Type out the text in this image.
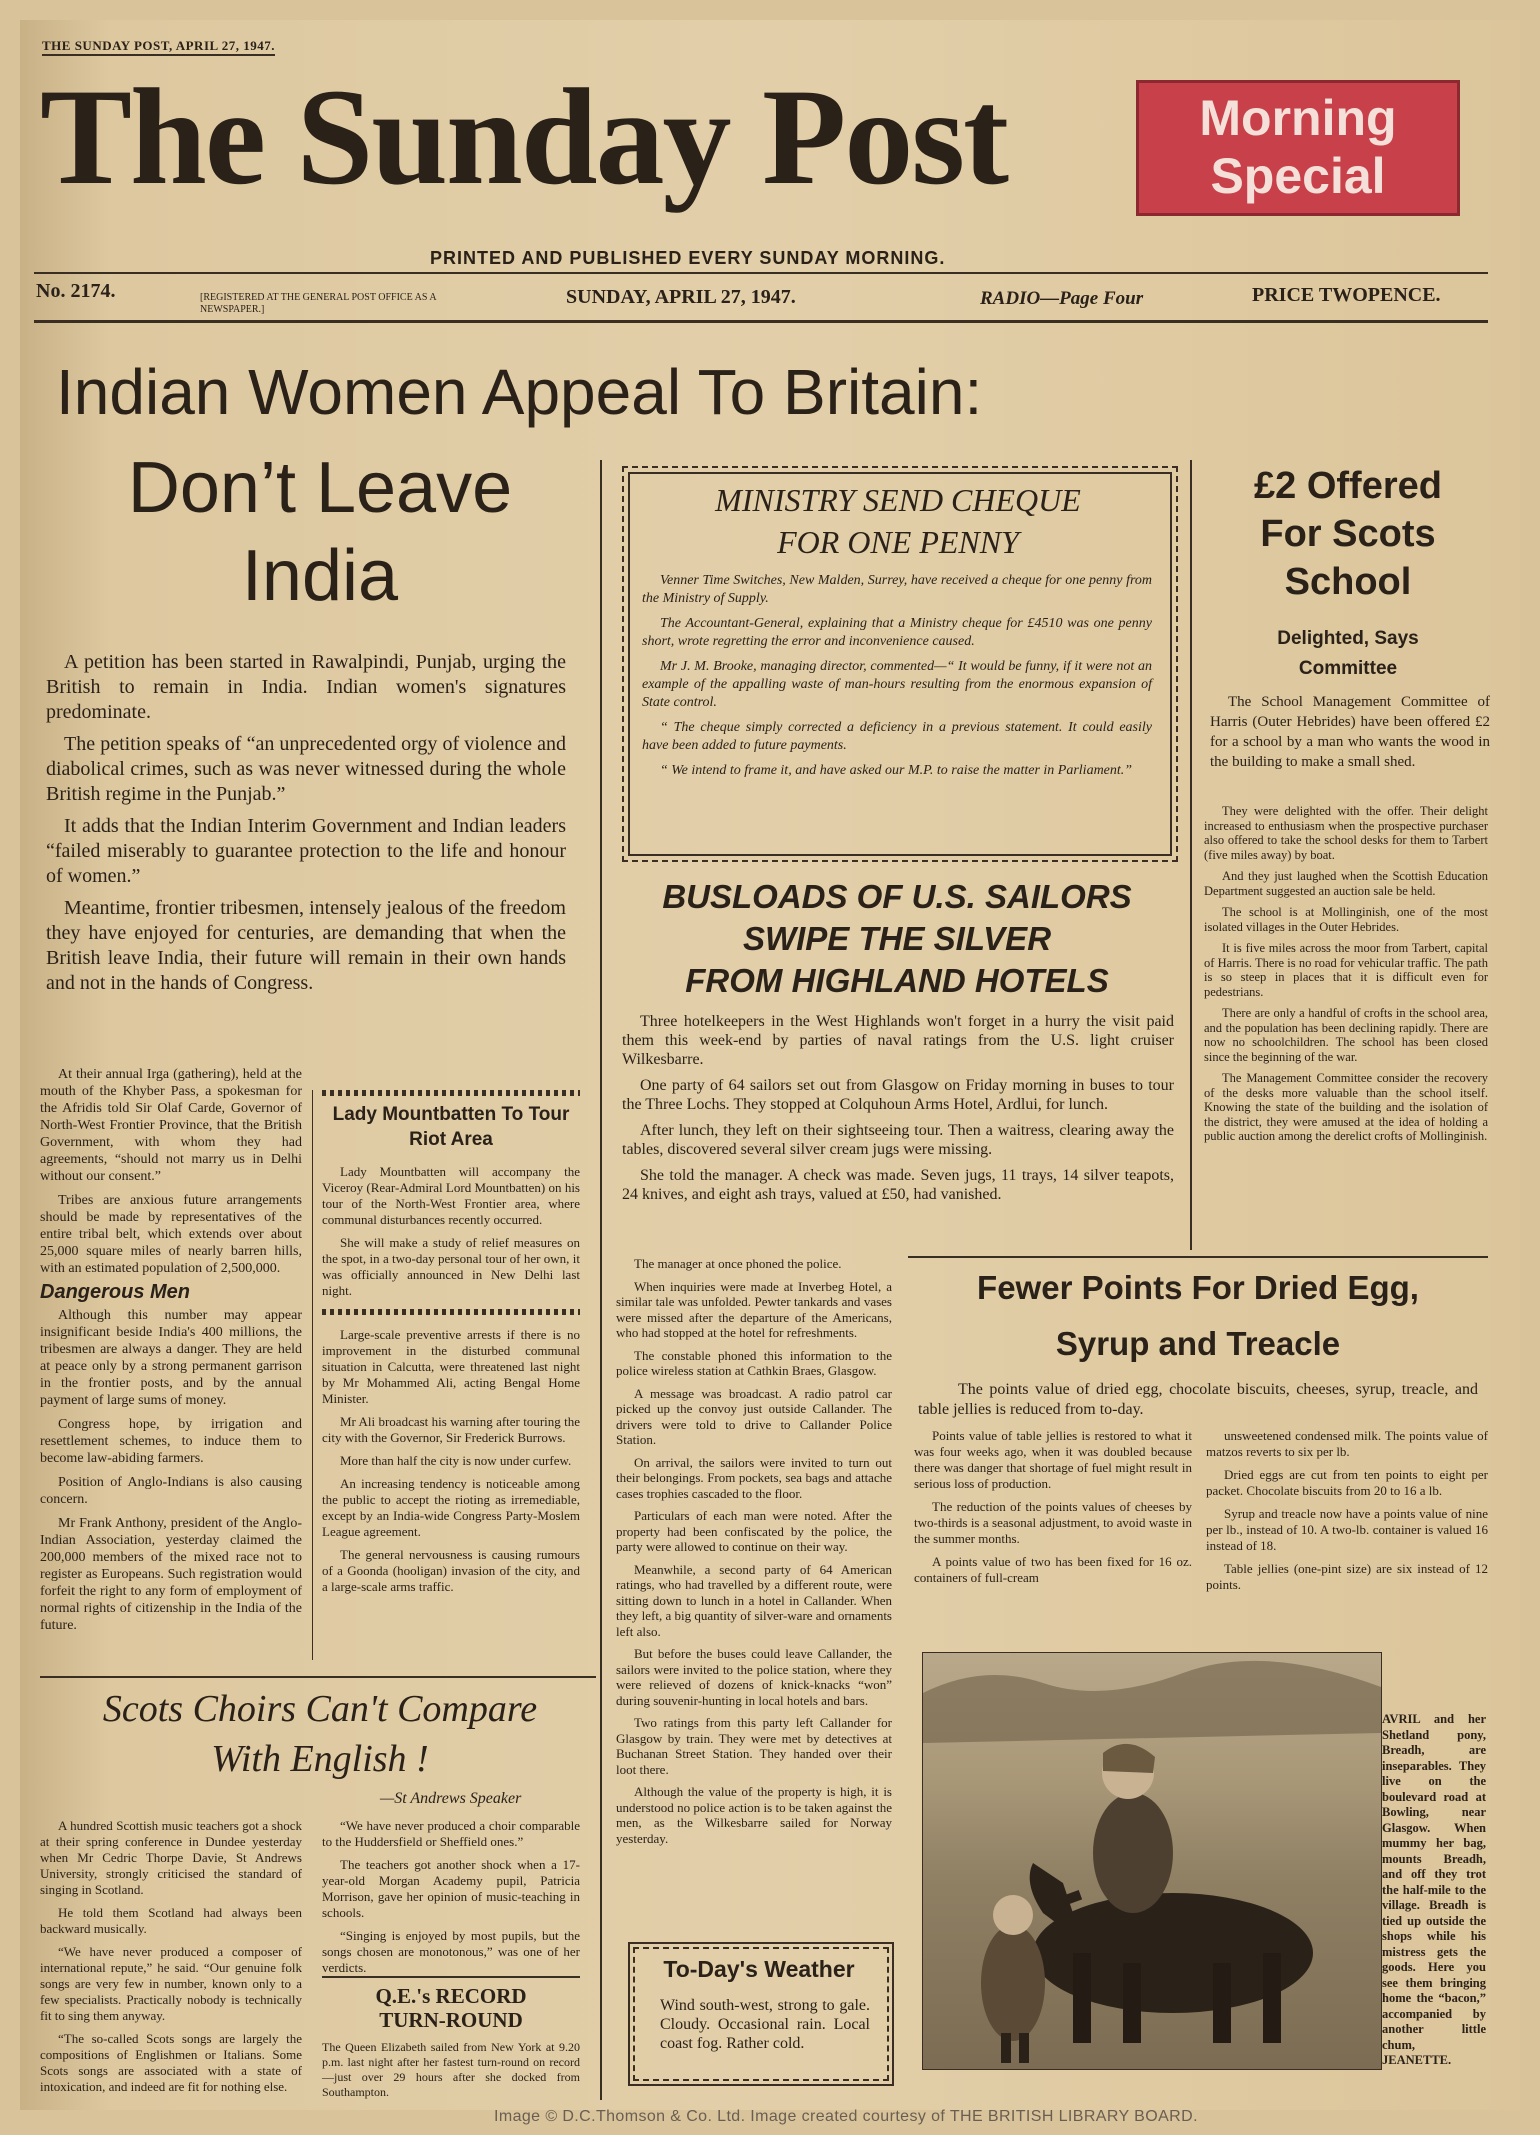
THE SUNDAY POST, APRIL 27, 1947.
The Sunday Post	Morning
Special
PRINTED AND PUBLISHED EVERY SUNDAY MORNING.
No. 2174.	[REGISTERED AT THE GENERAL POST OFFICE AS A NEWSPAPER.]
SUNDAY, APRIL 27, 1947.	RADIO—Page Four	PRICE TWOPENCE.
Indian Women Appeal To Britain:
Don’t Leave
India

A petition has been started in Rawalpindi, Punjab, urging the British to remain in India. Indian women's signatures predominate.

The petition speaks of “an unprecedented orgy of violence and diabolical crimes, such as was never witnessed during the whole British regime in the Punjab.”

It adds that the Indian Interim Government and Indian leaders “failed miserably to guarantee protection to the life and honour of women.”

Meantime, frontier tribesmen, intensely jealous of the freedom they have enjoyed for centuries, are demanding that when the British leave India, their future will remain in their own hands and not in the hands of Congress.

At their annual Irga (gathering), held at the mouth of the Khyber Pass, a spokesman for the Afridis told Sir Olaf Carde, Governor of North-West Frontier Province, that the British Government, with whom they had agreements, “should not marry us in Delhi without our consent.”

Tribes are anxious future arrangements should be made by representatives of the entire tribal belt, which extends over about 25,000 square miles of nearly barren hills, with an estimated population of 2,500,000.

Dangerous Men

Although this number may appear insignificant beside India's 400 millions, the tribesmen are always a danger. They are held at peace only by a strong permanent garrison in the frontier posts, and by the annual payment of large sums of money.

Congress hope, by irrigation and resettlement schemes, to induce them to become law-abiding farmers.

Position of Anglo-Indians is also causing concern.

Mr Frank Anthony, president of the Anglo-Indian Association, yesterday claimed the 200,000 members of the mixed race not to register as Europeans. Such registration would forfeit the right to any form of employment of normal rights of citizenship in the India of the future.

Lady Mountbatten To Tour Riot Area

Lady Mountbatten will accompany the Viceroy (Rear-Admiral Lord Mountbatten) on his tour of the North-West Frontier area, where communal disturbances recently occurred.

She will make a study of relief measures on the spot, in a two-day personal tour of her own, it was officially announced in New Delhi last night.

Large-scale preventive arrests if there is no improvement in the disturbed communal situation in Calcutta, were threatened last night by Mr Mohammed Ali, acting Bengal Home Minister.

Mr Ali broadcast his warning after touring the city with the Governor, Sir Frederick Burrows.

More than half the city is now under curfew.

An increasing tendency is noticeable among the public to accept the rioting as irremediable, except by an India-wide Congress Party-Moslem League agreement.

The general nervousness is causing rumours of a Goonda (hooligan) invasion of the city, and a large-scale arms traffic.

Scots Choirs Can't Compare
With English !
—St Andrews Speaker

A hundred Scottish music teachers got a shock at their spring conference in Dundee yesterday when Mr Cedric Thorpe Davie, St Andrews University, strongly criticised the standard of singing in Scotland.

He told them Scotland had always been backward musically.

“We have never produced a composer of international repute,” he said. “Our genuine folk songs are very few in number, known only to a few specialists. Practically nobody is technically fit to sing them anyway.

“The so-called Scots songs are largely the compositions of Englishmen or Italians. Some Scots songs are associated with a state of intoxication, and indeed are fit for nothing else.

“We have never produced a choir comparable to the Huddersfield or Sheffield ones.”

The teachers got another shock when a 17-year-old Morgan Academy pupil, Patricia Morrison, gave her opinion of music-teaching in schools.

“Singing is enjoyed by most pupils, but the songs chosen are monotonous,” was one of her verdicts.

Q.E.'s RECORD
TURN-ROUND
The Queen Elizabeth sailed from New York at 9.20 p.m. last night after her fastest turn-round on record—just over 29 hours after she docked from Southampton.
MINISTRY SEND CHEQUE
FOR ONE PENNY

Venner Time Switches, New Malden, Surrey, have received a cheque for one penny from the Ministry of Supply.

The Accountant-General, explaining that a Ministry cheque for £4510 was one penny short, wrote regretting the error and inconvenience caused.

Mr J. M. Brooke, managing director, commented—“ It would be funny, if it were not an example of the appalling waste of man-hours resulting from the enormous expansion of State control.

“ The cheque simply corrected a deficiency in a previous statement. It could easily have been added to future payments.

“ We intend to frame it, and have asked our M.P. to raise the matter in Parliament.”

BUSLOADS OF U.S. SAILORS
SWIPE THE SILVER
FROM HIGHLAND HOTELS

Three hotelkeepers in the West Highlands won't forget in a hurry the visit paid them this week-end by parties of naval ratings from the U.S. light cruiser Wilkesbarre.

One party of 64 sailors set out from Glasgow on Friday morning in buses to tour the Three Lochs. They stopped at Colquhoun Arms Hotel, Ardlui, for lunch.

After lunch, they left on their sightseeing tour. Then a waitress, clearing away the tables, discovered several silver cream jugs were missing.

She told the manager. A check was made. Seven jugs, 11 trays, 14 silver teapots, 24 knives, and eight ash trays, valued at £50, had vanished.

The manager at once phoned the police.

When inquiries were made at Inverbeg Hotel, a similar tale was unfolded. Pewter tankards and vases were missed after the departure of the Americans, who had stopped at the hotel for refreshments.

The constable phoned this information to the police wireless station at Cathkin Braes, Glasgow.

A message was broadcast. A radio patrol car picked up the convoy just outside Callander. The drivers were told to drive to Callander Police Station.

On arrival, the sailors were invited to turn out their belongings. From pockets, sea bags and attache cases trophies cascaded to the floor.

Particulars of each man were noted. After the property had been confiscated by the police, the party were allowed to continue on their way.

Meanwhile, a second party of 64 American ratings, who had travelled by a different route, were sitting down to lunch in a hotel in Callander. When they left, a big quantity of silver-ware and ornaments left also.

But before the buses could leave Callander, the sailors were invited to the police station, where they were relieved of dozens of knick-knacks “won” during souvenir-hunting in local hotels and bars.

Two ratings from this party left Callander for Glasgow by train. They were met by detectives at Buchanan Street Station. They handed over their loot there.

Although the value of the property is high, it is understood no police action is to be taken against the men, as the Wilkesbarre sailed for Norway yesterday.

To-Day's Weather
Wind south-west, strong to gale. Cloudy. Occasional rain. Local coast fog. Rather cold.
£2 Offered
For Scots
School
Delighted, Says
Committee
The School Management Committee of Harris (Outer Hebrides) have been offered £2 for a school by a man who wants the wood in the building to make a small shed.

They were delighted with the offer. Their delight increased to enthusiasm when the prospective purchaser also offered to take the school desks for them to Tarbert (five miles away) by boat.

And they just laughed when the Scottish Education Department suggested an auction sale be held.

The school is at Mollinginish, one of the most isolated villages in the Outer Hebrides.

It is five miles across the moor from Tarbert, capital of Harris. There is no road for vehicular traffic. The path is so steep in places that it is difficult even for pedestrians.

There are only a handful of crofts in the school area, and the population has been declining rapidly. There are now no schoolchildren. The school has been closed since the beginning of the war.

The Management Committee consider the recovery of the desks more valuable than the school itself. Knowing the state of the building and the isolation of the district, they were amused at the idea of holding a public auction among the derelict crofts of Mollinginish.

Fewer Points For Dried Egg,
Syrup and Treacle
The points value of dried egg, chocolate biscuits, cheeses, syrup, treacle, and table jellies is reduced from to-day.

Points value of table jellies is restored to what it was four weeks ago, when it was doubled because there was danger that shortage of fuel might result in serious loss of production.

The reduction of the points values of cheeses by two-thirds is a seasonal adjustment, to avoid waste in the summer months.

A points value of two has been fixed for 16 oz. containers of full-cream

unsweetened condensed milk. The points value of matzos reverts to six per lb.

Dried eggs are cut from ten points to eight per packet. Chocolate biscuits from 20 to 16 a lb.

Syrup and treacle now have a points value of nine per lb., instead of 10. A two-lb. container is valued 16 instead of 18.

Table jellies (one-pint size) are six instead of 12 points.

AVRIL and her Shetland pony, Breadh, are inseparables. They live on the boulevard road at Bowling, near Glasgow. When mummy her bag, mounts Breadh, and off they trot the half-mile to the village. Breadh is tied up outside the shops while his mistress gets the goods. Here you see them bringing home the “bacon,” accompanied by another little chum, JEANETTE.
Image © D.C.Thomson & Co. Ltd. Image created courtesy of THE BRITISH LIBRARY BOARD.
